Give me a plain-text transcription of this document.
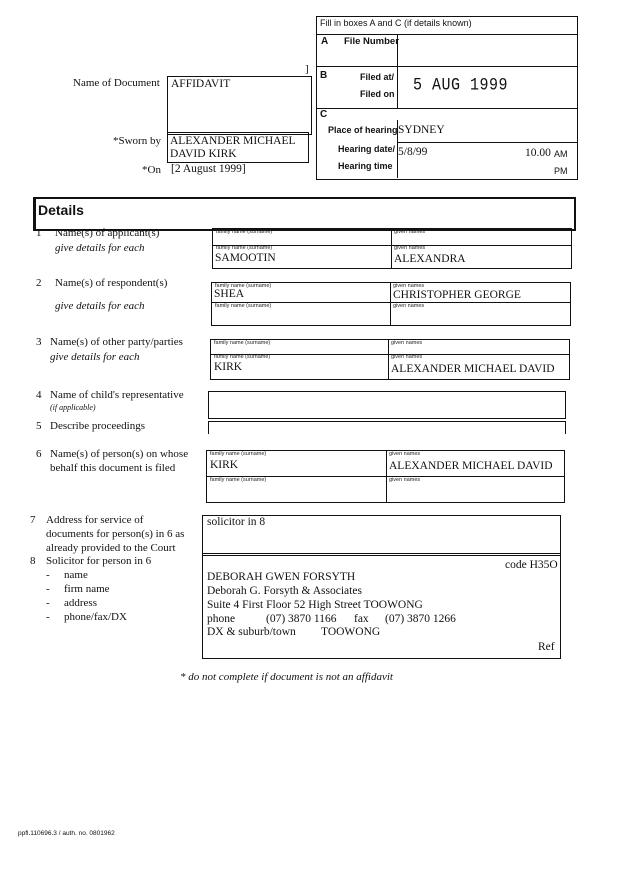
Fill in boxes A and C (if details known)
A File Number
B	Filed at/
Filed on 5 AUG 1999
C
Place of hearing SYDNEY
Hearing date/ 5/8/99
Hearing time
10.00 AM
PM
Name of Document AFFIDAVIT
]
*Sworn by ALEXANDER MICHAEL
DAVID KIRK
*On [2 August 1999]
Details
1 Name(s) of applicant(s)
give details for each
family name (surname)	given names
family name (surname)	given names
SAMOOTIN	ALEXANDRA
2 Name(s) of respondent(s)
give details for each
family name (surname)	given names
SHEA	CHRISTOPHER GEORGE
family name (surname)	given names
3 Name(s) of other party/parties
give details for each
family name (surname)	given names
family name (surname)	given names
KIRK	ALEXANDER MICHAEL DAVID
4 Name of child's representative
(if applicable)
5 Describe proceedings
6 Name(s) of person(s) on whose
behalf this document is filed
family name (surname)	given names
KIRK	ALEXANDER MICHAEL DAVID
family name (surname)	given names
7 Address for service of
documents for person(s) in 6 as
already provided to the Court
solicitor in 8
8 Solicitor for person in 6
- name
- firm name
- address
- phone/fax/DX
code H35O
DEBORAH GWEN FORSYTH
Deborah G. Forsyth & Associates
Suite 4 First Floor 52 High Street TOOWONG
phone	(07) 3870 1166 fax (07) 3870 1266
DX & suburb/town TOOWONG
Ref
* do not complete if document is not an affidavit
ppfl.110696.3 / auth. no. 0801962
